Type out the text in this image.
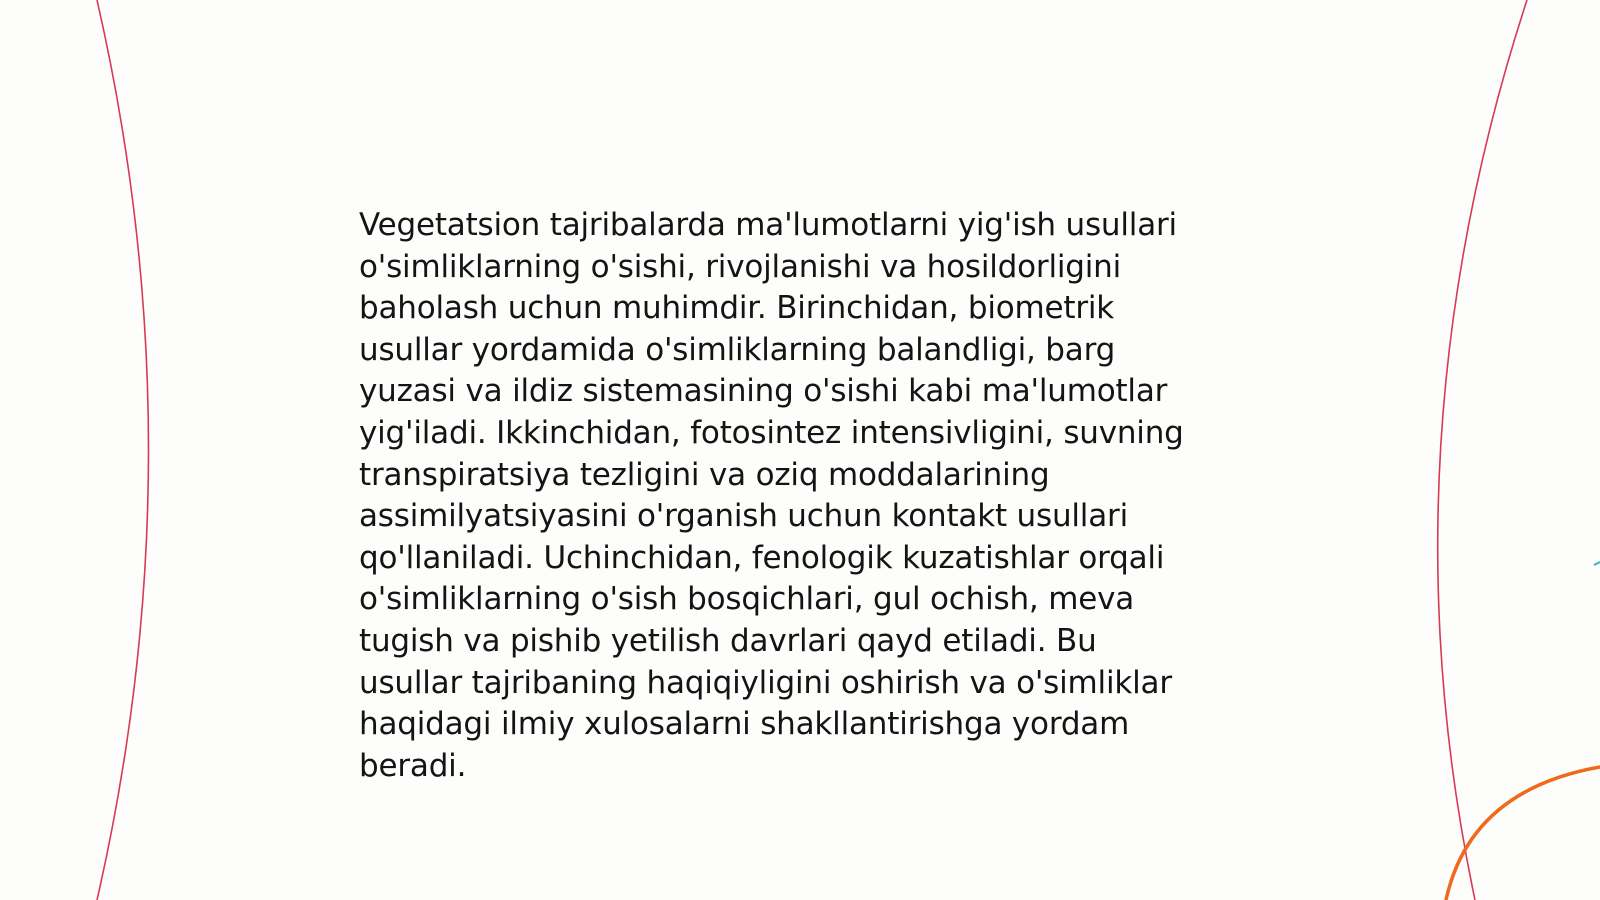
Vegetatsion tajribalarda ma'lumotlarni yig'ish usullari
o'simliklarning o'sishi, rivojlanishi va hosildorligini
baholash uchun muhimdir. Birinchidan, biometrik
usullar yordamida o'simliklarning balandligi, barg
yuzasi va ildiz sistemasining o'sishi kabi ma'lumotlar
yig'iladi. Ikkinchidan, fotosintez intensivligini, suvning
transpiratsiya tezligini va oziq moddalarining
assimilyatsiyasini o'rganish uchun kontakt usullari
qo'llaniladi. Uchinchidan, fenologik kuzatishlar orqali
o'simliklarning o'sish bosqichlari, gul ochish, meva
tugish va pishib yetilish davrlari qayd etiladi. Bu
usullar tajribaning haqiqiyligini oshirish va o'simliklar
haqidagi ilmiy xulosalarni shakllantirishga yordam
beradi.
